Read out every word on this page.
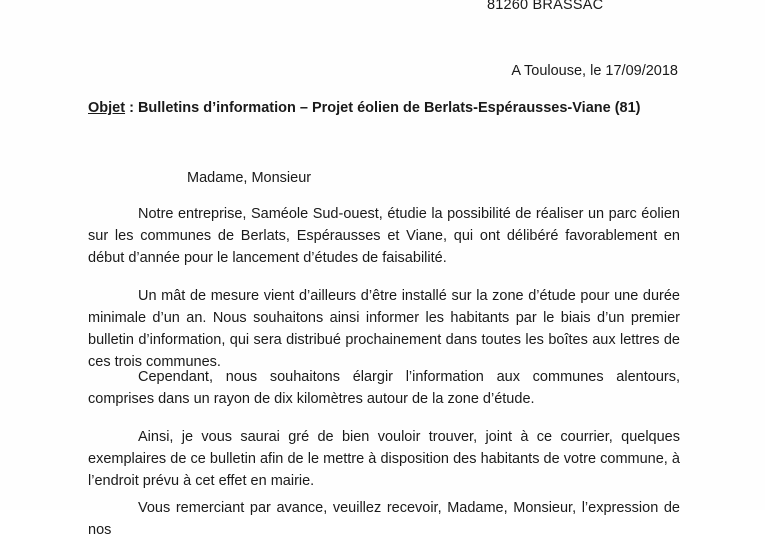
81260 BRASSAC
A Toulouse, le 17/09/2018
Objet : Bulletins d’information – Projet éolien de Berlats-Espérausses-Viane (81)
Madame, Monsieur

Notre entreprise, Saméole Sud-ouest, étudie la possibilité de réaliser un parc éolien sur les communes de Berlats, Espérausses et Viane, qui ont délibéré favorablement en début d’année pour le lancement d’études de faisabilité.

Un mât de mesure vient d’ailleurs d’être installé sur la zone d’étude pour une durée minimale d’un an. Nous souhaitons ainsi informer les habitants par le biais d’un premier bulletin d’information, qui sera distribué prochainement dans toutes les boîtes aux lettres de ces trois communes.

Cependant, nous souhaitons élargir l’information aux communes alentours, comprises dans un rayon de dix kilomètres autour de la zone d’étude.

Ainsi, je vous saurai gré de bien vouloir trouver, joint à ce courrier, quelques exemplaires de ce bulletin afin de le mettre à disposition des habitants de votre commune, à l’endroit prévu à cet effet en mairie.

Vous remerciant par avance, veuillez recevoir, Madame, Monsieur, l’expression de nos
